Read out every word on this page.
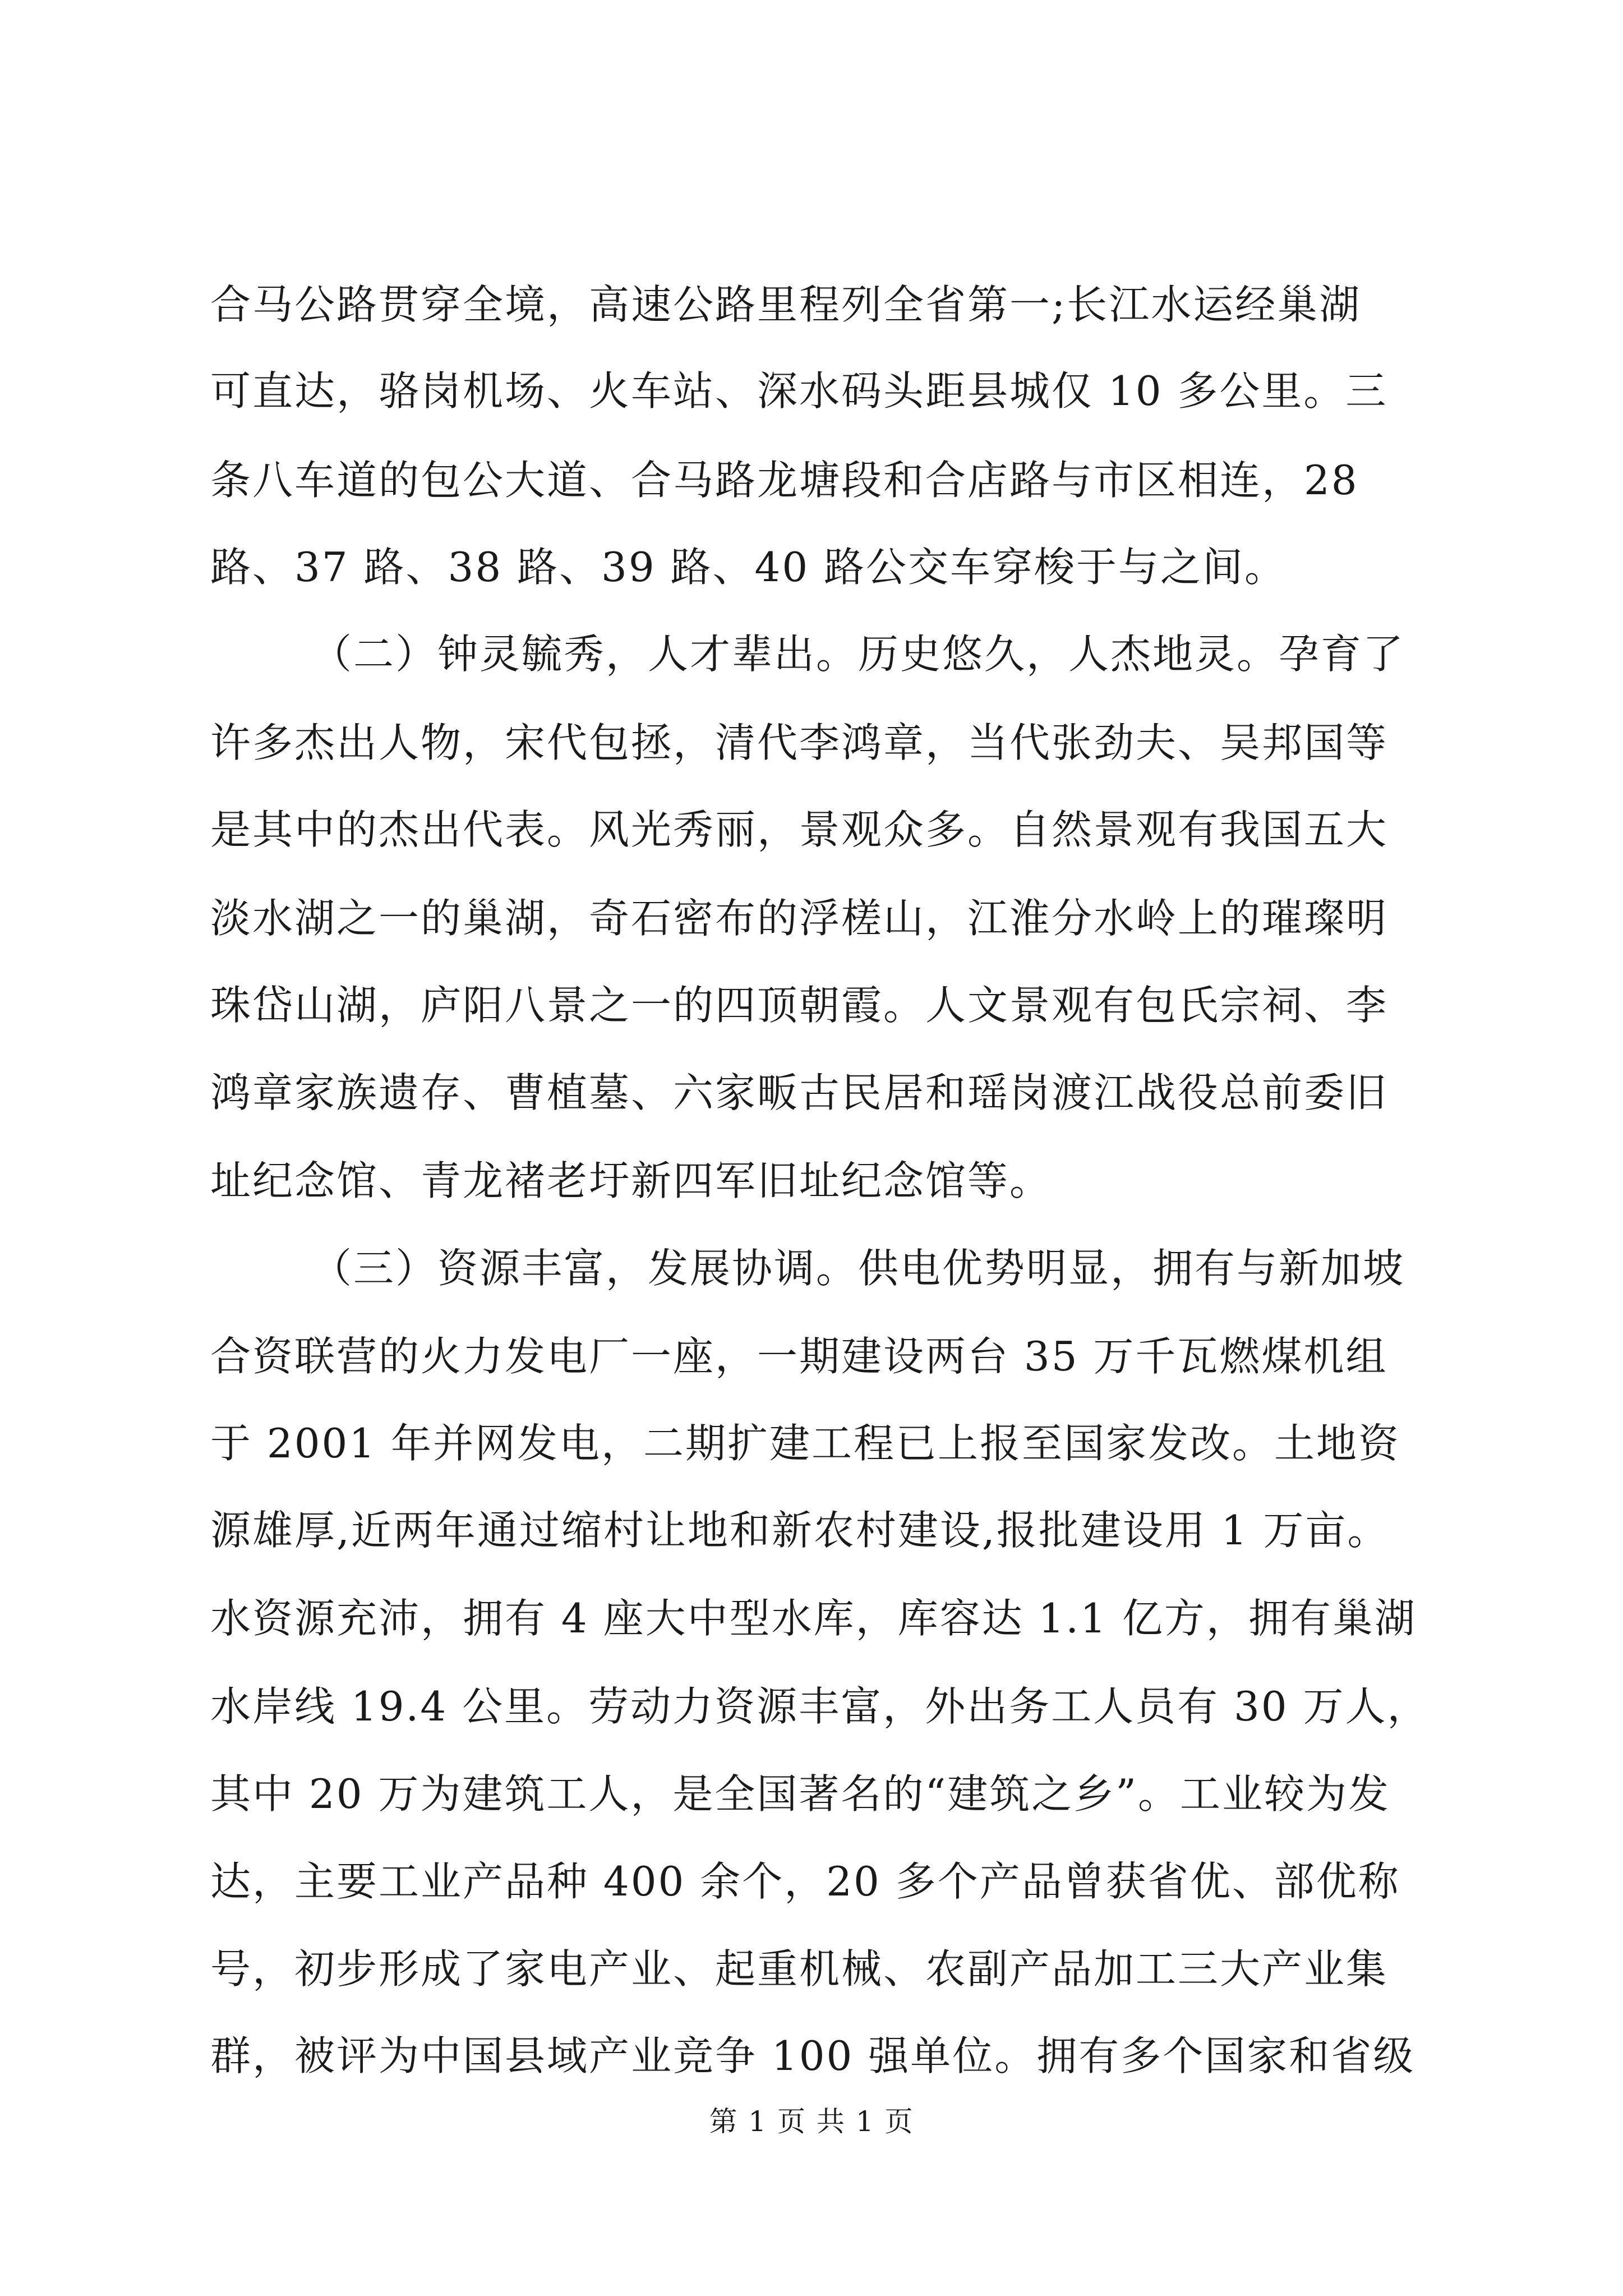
合马公路贯穿全境，高速公路里程列全省第一;长江水运经巢湖
可直达，骆岗机场、火车站、深水码头距县城仅 10 多公里。三
条八车道的包公大道、合马路龙塘段和合店路与市区相连，28
路、37 路、38 路、39 路、40 路公交车穿梭于与之间。
（二）钟灵毓秀，人才辈出。历史悠久，人杰地灵。孕育了
许多杰出人物，宋代包拯，清代李鸿章，当代张劲夫、吴邦国等
是其中的杰出代表。风光秀丽，景观众多。自然景观有我国五大
淡水湖之一的巢湖，奇石密布的浮槎山，江淮分水岭上的璀璨明
珠岱山湖，庐阳八景之一的四顶朝霞。人文景观有包氏宗祠、李
鸿章家族遗存、曹植墓、六家畈古民居和瑶岗渡江战役总前委旧
址纪念馆、青龙褚老圩新四军旧址纪念馆等。
（三）资源丰富，发展协调。供电优势明显，拥有与新加坡
合资联营的火力发电厂一座，一期建设两台 35 万千瓦燃煤机组
于 2001 年并网发电，二期扩建工程已上报至国家发改。土地资
源雄厚,近两年通过缩村让地和新农村建设,报批建设用 1 万亩。
水资源充沛，拥有 4 座大中型水库，库容达 1.1 亿方，拥有巢湖
水岸线 19.4 公里。劳动力资源丰富，外出务工人员有 30 万人，
其中 20 万为建筑工人，是全国著名的“建筑之乡”。工业较为发
达，主要工业产品种 400 余个，20 多个产品曾获省优、部优称
号，初步形成了家电产业、起重机械、农副产品加工三大产业集
群，被评为中国县域产业竞争 100 强单位。拥有多个国家和省级
第 1 页 共 1 页
